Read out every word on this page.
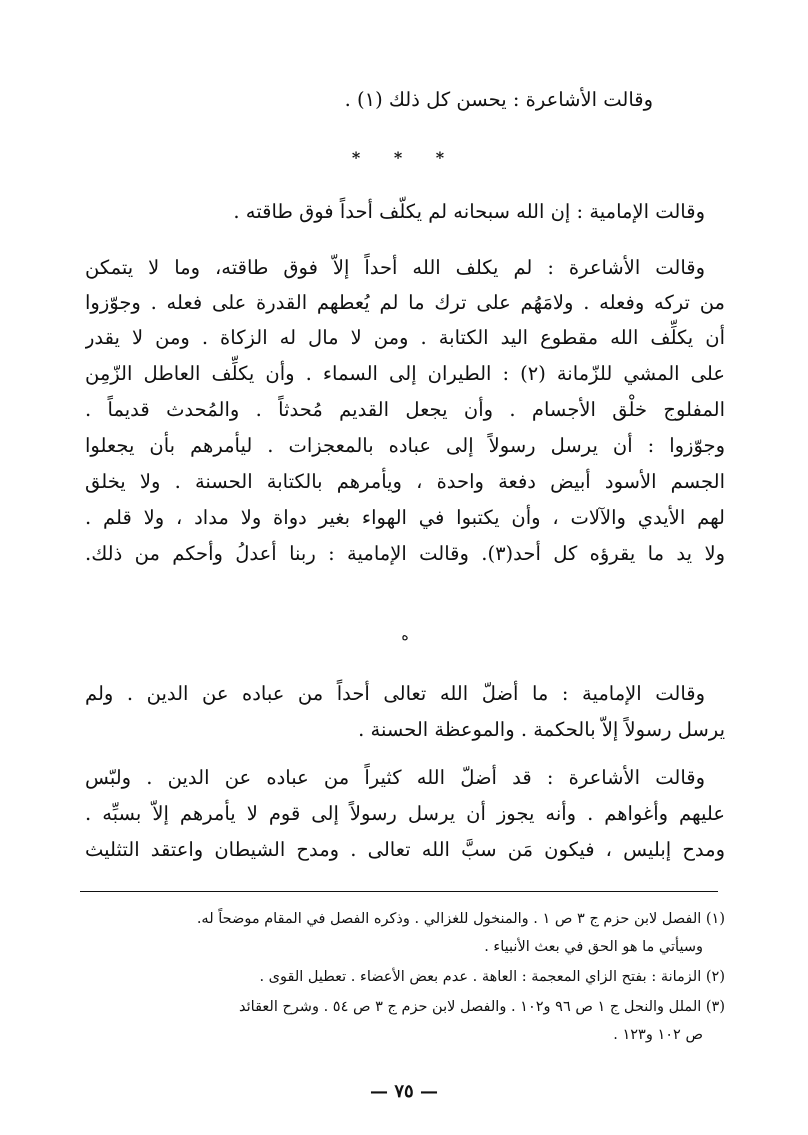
وقالت الأشاعرة : يحسن كل ذلك (١) .
* * *
وقالت الإمامية : إن الله سبحانه لم يكلّف أحداً فوق طاقته .
وقالت الأشاعرة : لم يكلف الله أحداً إلاّ فوق طاقته، وما لا يتمكن
من تركه وفعله . ولامَهُم على ترك ما لم يُعطهم القدرة على فعله . وجوّزوا
أن يكلِّف الله مقطوع اليد الكتابة . ومن لا مال له الزكاة . ومن لا يقدر
على المشي للزّمانة (٢) : الطيران إلى السماء . وأن يكلِّف العاطل الزّمِن
المفلوج خلْق الأجسام . وأن يجعل القديم مُحدثاً . والمُحدث قديماً .
وجوّزوا : أن يرسل رسولاً إلى عباده بالمعجزات . ليأمرهم بأن يجعلوا
الجسم الأسود أبيض دفعة واحدة ، ويأمرهم بالكتابة الحسنة . ولا يخلق
لهم الأيدي والآلات ، وأن يكتبوا في الهواء بغير دواة ولا مداد ، ولا قلم .
ولا يد ما يقرؤه كل أحد(٣). وقالت الإمامية : ربنا أعدلُ وأحكم من ذلك.
ه
وقالت الإمامية : ما أضلّ الله تعالى أحداً من عباده عن الدين . ولم
يرسل رسولاً إلاّ بالحكمة . والموعظة الحسنة .
وقالت الأشاعرة : قد أضلّ الله كثيراً من عباده عن الدين . ولبّس
عليهم وأغواهم . وأنه يجوز أن يرسل رسولاً إلى قوم لا يأمرهم إلاّ بسبِّه .
ومدح إبليس ، فيكون مَن سبَّ الله تعالى . ومدح الشيطان واعتقد التثليث
(١) الفصل لابن حزم ج ٣ ص ١ . والمنخول للغزالي . وذكره الفصل في المقام موضحاً له.
وسيأتي ما هو الحق في بعث الأنبياء .
(٢) الزمانة : بفتح الزاي المعجمة : العاهة . عدم بعض الأعضاء . تعطيل القوى .
(٣) الملل والنحل ج ١ ص ٩٦ و١٠٢ . والفصل لابن حزم ج ٣ ص ٥٤ . وشرح العقائد
ص ١٠٢ و١٢٣ .
— ٧٥ —
